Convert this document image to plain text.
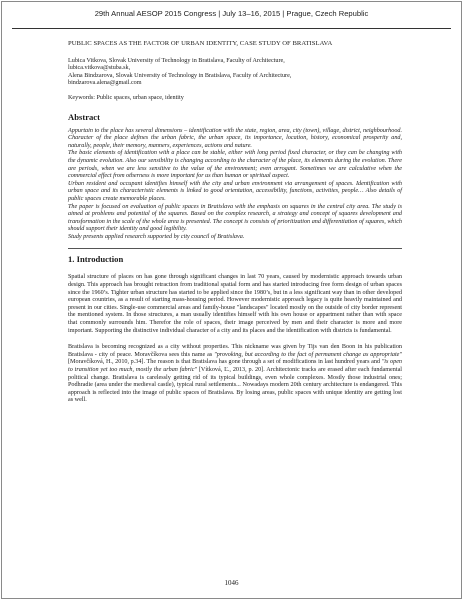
29th Annual AESOP 2015 Congress | July 13–16, 2015 | Prague, Czech Republic
PUBLIC SPACES AS THE FACTOR OF URBAN IDENTITY, CASE STUDY OF BRATISLAVA
Lubica Vitkova, Slovak University of Technology in Bratislava, Faculty of Architecture,
lubica.vitkova@stuba.sk,
Alena Bindzarova, Slovak University of Technology in Bratislava, Faculty of Architecture,
bindzarova.alena@gmail.com
Keywords: Public spaces, urban space, identity
Abstract

Appurtain to the place has several dimensions – identification with the state, region, area, city (town), village, district, neighbourhood. Character of the place defines the urban fabric, the urban space, its importance, location, history, economical prosperity and, naturally, people, their memory, manners, experiences, actions and nature.

The basic elements of identification with a place can be stable, either with long period fixed character, or they can be changing with the dynamic evolution. Also our sensibility is changing according to the character of the place, its elements during the evolution. There are periods, when we are less sensitive to the value of the environment; even arrogant. Sometimes we are calculative when the commercial effect from otherness is more important for us than human or spiritual aspect.

Urban resident and occupant identifies himself with the city and urban environment via arrangement of spaces. Identification with urban space and its characteristic elements is linked to good orientation, accessibility, functions, activities, people… Also details of public spaces create memorable places.

The paper is focused on evaluation of public spaces in Bratislava with the emphasis on squares in the central city area. The study is aimed at problems and potential of the squares. Based on the complex research, a strategy and concept of squares development and transformation in the scale of the whole area is presented. The concept is consists of prioritization and differentiation of squares, which should support their identity and good legibility.

Study presents applied research supported by city council of Bratislava.

1. Introduction

Spatial structure of places on has gone through significant changes in last 70 years, caused by modernistic approach towards urban design. This approach has brought retraction from traditional spatial form and has started introducing free form design of urban spaces since the 1960’s. Tighter urban structure has started to be applied since the 1980’s, but in a less significant way than in other developed european countries, as a result of starting mass-housing period. However modernistic approach legacy is quite heavily maintained and present in our cities. Single-use commercial areas and family-house "landscapes" located mostly on the outside of city border represent the mentioned system. In those structures, a man usually identifies himself with his own house or appartment rather than with space that commonly surrounds him. Therefor the role of spaces, their image perceived by men and their character is more and more important. Supporting the distinctive individual character of a city and its places and the identification with districts is fundamental.

Bratislava is becoming recognized as a city without properties. This nickname was given by Tijs van den Boon in his publication Bratislava - city of peace. Moravčíkova sees this name as "provoking, but according to the fact of permanent change as appropriate" [Moravčíková, H., 2010, p.34]. The reason is that Bratislava has gone through a set of modifications in last hundred years and "is open to transition yet too much, mostly the urban fabric" [Vítková, Ľ., 2013, p. 20]. Architectonic tracks are erased after each fundamental political change. Bratislava is carelessly getting rid of its typical buildings, even whole complexes. Mostly those industrial ones; Podhradie (area under the medieval castle), typical rural settlements... Nowadays modern 20th century architecture is endangered. This approach is reflected into the image of public spaces of Bratislava. By losing areas, public spaces with unique identity are getting lost as well.

1046
